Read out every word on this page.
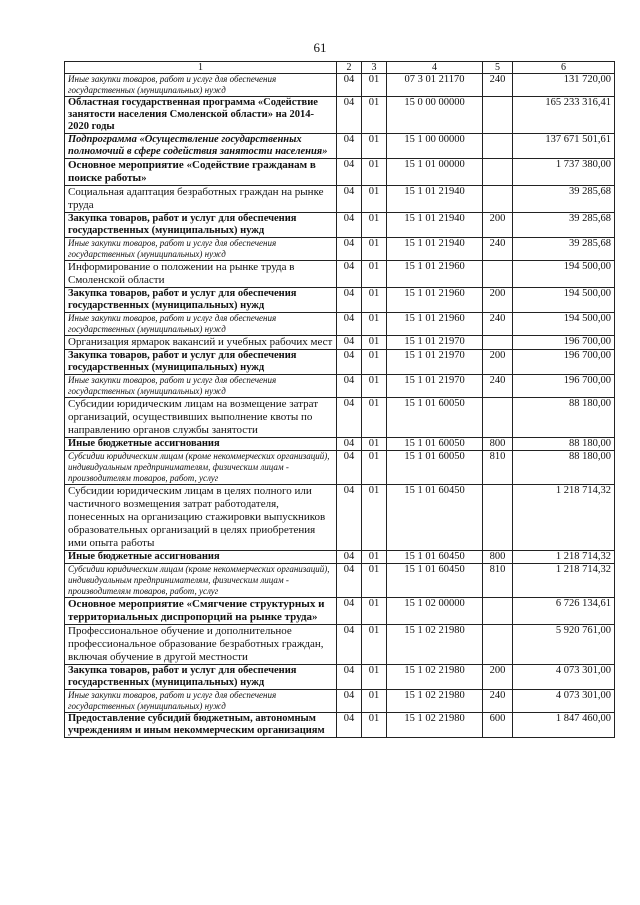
61
1	2	3	4	5	6
Иные закупки товаров, работ и услуг для обеспечения государственных (муниципальных) нужд	04	01	07 3 01 21170	240	131 720,00
Областная государственная программа «Содействие занятости населения Смоленской области» на 2014-2020 годы	04	01	15 0 00 00000		165 233 316,41
Подпрограмма «Осуществление государственных полномочий в сфере содействия занятости населения»	04	01	15 1 00 00000		137 671 501,61
Основное мероприятие «Содействие гражданам в поиске работы»	04	01	15 1 01 00000		1 737 380,00
Социальная адаптация безработных граждан на рынке труда	04	01	15 1 01 21940		39 285,68
Закупка товаров, работ и услуг для обеспечения государственных (муниципальных) нужд	04	01	15 1 01 21940	200	39 285,68
Иные закупки товаров, работ и услуг для обеспечения государственных (муниципальных) нужд	04	01	15 1 01 21940	240	39 285,68
Информирование о положении на рынке труда в Смоленской области	04	01	15 1 01 21960		194 500,00
Закупка товаров, работ и услуг для обеспечения государственных (муниципальных) нужд	04	01	15 1 01 21960	200	194 500,00
Иные закупки товаров, работ и услуг для обеспечения государственных (муниципальных) нужд	04	01	15 1 01 21960	240	194 500,00
Организация ярмарок вакансий и учебных рабочих мест	04	01	15 1 01 21970		196 700,00
Закупка товаров, работ и услуг для обеспечения государственных (муниципальных) нужд	04	01	15 1 01 21970	200	196 700,00
Иные закупки товаров, работ и услуг для обеспечения государственных (муниципальных) нужд	04	01	15 1 01 21970	240	196 700,00
Субсидии юридическим лицам на возмещение затрат организаций, осуществивших выполнение квоты по направлению органов службы занятости	04	01	15 1 01 60050		88 180,00
Иные бюджетные ассигнования	04	01	15 1 01 60050	800	88 180,00
Субсидии юридическим лицам (кроме некоммерческих организаций), индивидуальным предпринимателям, физическим лицам - производителям товаров, работ, услуг	04	01	15 1 01 60050	810	88 180,00
Субсидии юридическим лицам в целях полного или частичного возмещения затрат работодателя, понесенных на организацию стажировки выпускников образовательных организаций в целях приобретения ими опыта работы	04	01	15 1 01 60450		1 218 714,32
Иные бюджетные ассигнования	04	01	15 1 01 60450	800	1 218 714,32
Субсидии юридическим лицам (кроме некоммерческих организаций), индивидуальным предпринимателям, физическим лицам - производителям товаров, работ, услуг	04	01	15 1 01 60450	810	1 218 714,32
Основное мероприятие «Смягчение структурных и территориальных диспропорций на рынке труда»	04	01	15 1 02 00000		6 726 134,61
Профессиональное обучение и дополнительное профессиональное образование безработных граждан, включая обучение в другой местности	04	01	15 1 02 21980		5 920 761,00
Закупка товаров, работ и услуг для обеспечения государственных (муниципальных) нужд	04	01	15 1 02 21980	200	4 073 301,00
Иные закупки товаров, работ и услуг для обеспечения государственных (муниципальных) нужд	04	01	15 1 02 21980	240	4 073 301,00
Предоставление субсидий бюджетным, автономным учреждениям и иным некоммерческим организациям	04	01	15 1 02 21980	600	1 847 460,00
